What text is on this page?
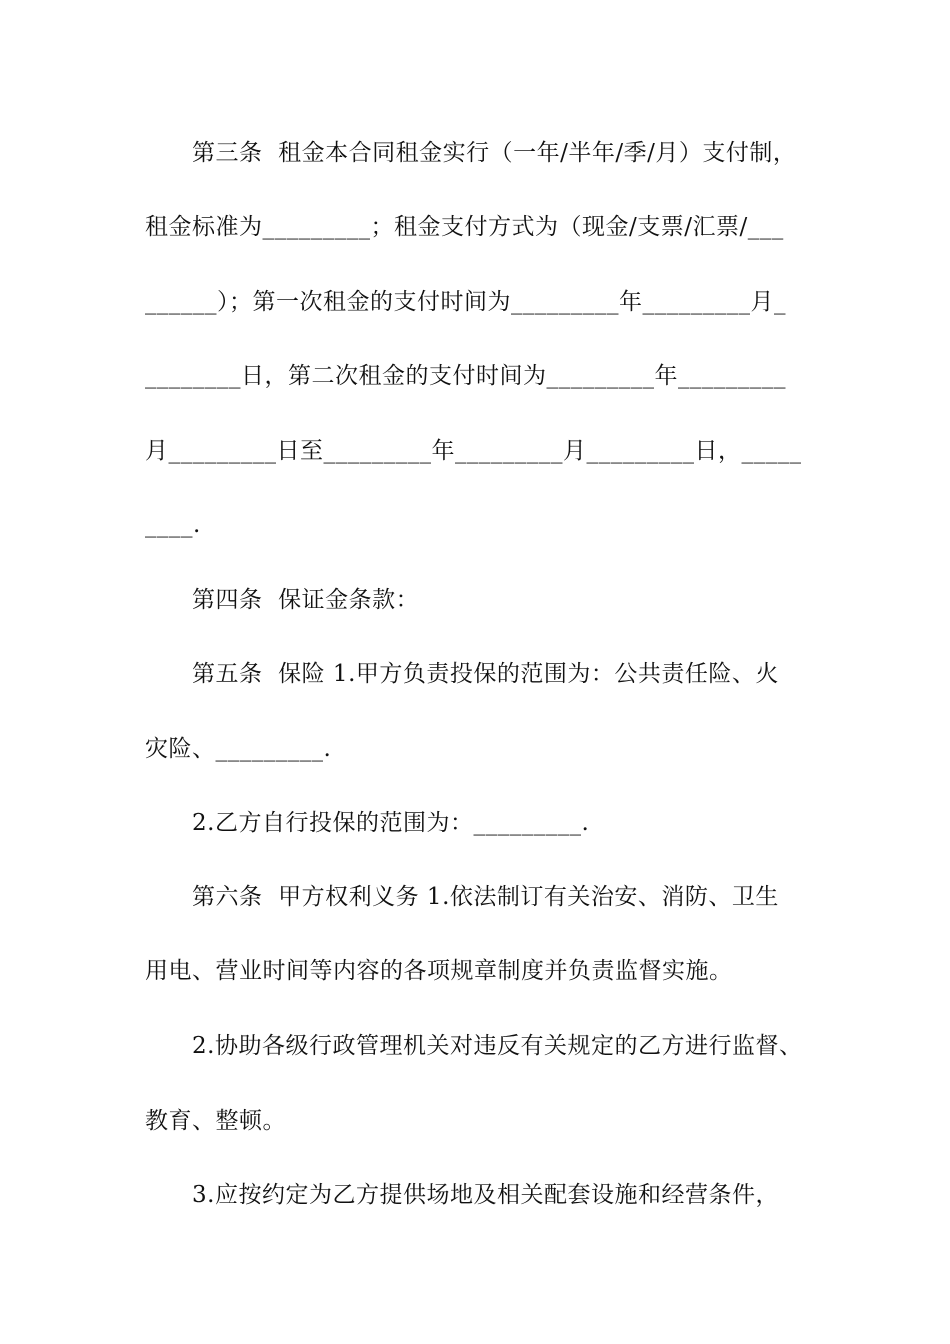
第三条  租金本合同租金实行（一年/半年/季/月）支付制，
租金标准为_________；租金支付方式为（现金/支票/汇票/___
______）；第一次租金的支付时间为_________年_________月_
________日，第二次租金的支付时间为_________年_________
月_________日至_________年_________月_________日，_____
____.
第四条  保证金条款：
第五条  保险 1.甲方负责投保的范围为：公共责任险、火
灾险、_________.
2.乙方自行投保的范围为：_________.
第六条  甲方权利义务 1.依法制订有关治安、消防、卫生
用电、营业时间等内容的各项规章制度并负责监督实施。
2.协助各级行政管理机关对违反有关规定的乙方进行监督、
教育、整顿。
3.应按约定为乙方提供场地及相关配套设施和经营条件，
